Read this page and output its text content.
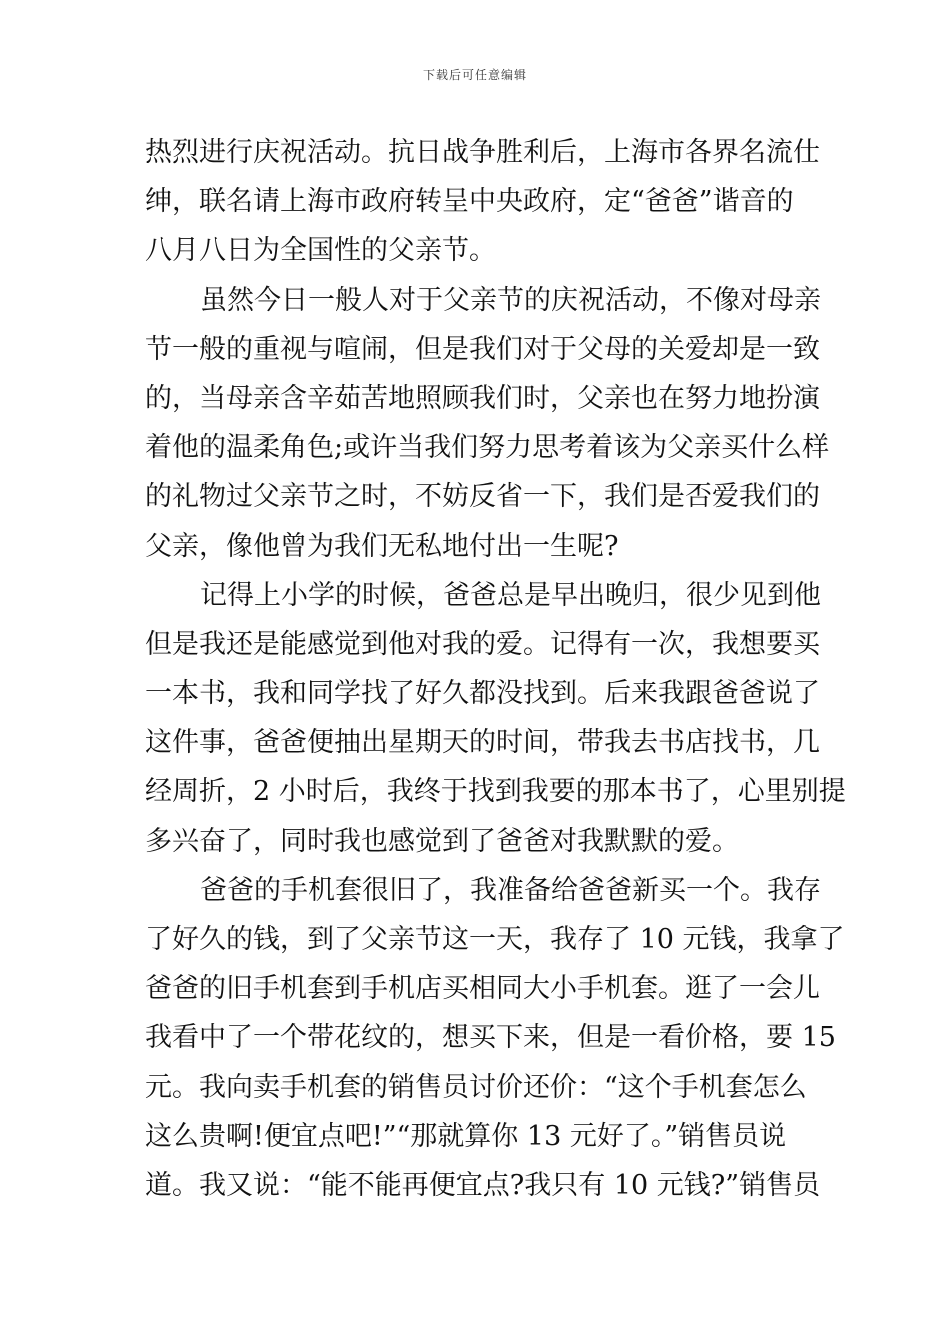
下载后可任意编辑
热烈进行庆祝活动。抗日战争胜利后，上海市各界名流仕
绅，联名请上海市政府转呈中央政府，定“爸爸”谐音的
八月八日为全国性的父亲节。
虽然今日一般人对于父亲节的庆祝活动，不像对母亲
节一般的重视与喧闹，但是我们对于父母的关爱却是一致
的，当母亲含辛茹苦地照顾我们时，父亲也在努力地扮演
着他的温柔角色;或许当我们努力思考着该为父亲买什么样
的礼物过父亲节之时，不妨反省一下，我们是否爱我们的
父亲，像他曾为我们无私地付出一生呢?
记得上小学的时候，爸爸总是早出晚归，很少见到他
但是我还是能感觉到他对我的爱。记得有一次，我想要买
一本书，我和同学找了好久都没找到。后来我跟爸爸说了
这件事，爸爸便抽出星期天的时间，带我去书店找书，几
经周折，2 小时后，我终于找到我要的那本书了，心里别提
多兴奋了，同时我也感觉到了爸爸对我默默的爱。
爸爸的手机套很旧了，我准备给爸爸新买一个。我存
了好久的钱，到了父亲节这一天，我存了 10 元钱，我拿了
爸爸的旧手机套到手机店买相同大小手机套。逛了一会儿
我看中了一个带花纹的，想买下来，但是一看价格，要 15
元。我向卖手机套的销售员讨价还价：“这个手机套怎么
这么贵啊!便宜点吧!”“那就算你 13 元好了。”销售员说
道。我又说：“能不能再便宜点?我只有 10 元钱?”销售员
